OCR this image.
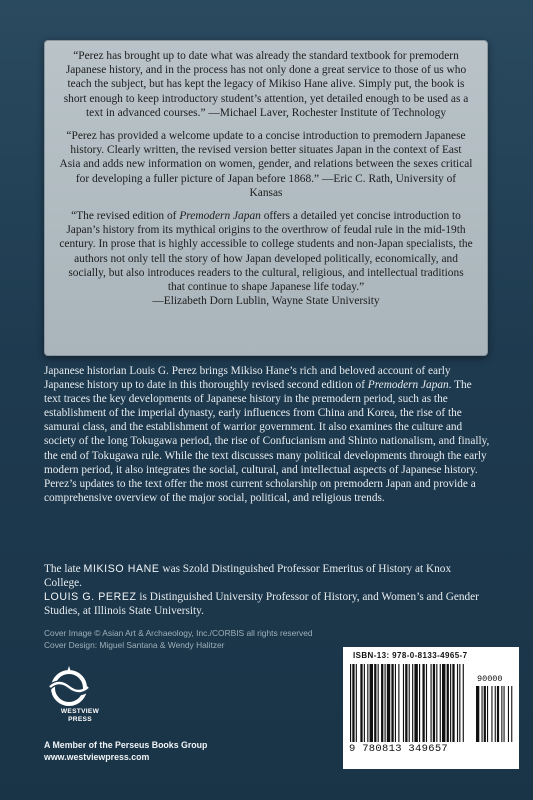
“Perez has brought up to date what was already the standard textbook for premodern Japanese history, and in the process has not only done a great service to those of us who teach the subject, but has kept the legacy of Mikiso Hane alive. Simply put, the book is short enough to keep introductory student’s attention, yet detailed enough to be used as a text in advanced courses.” —Michael Laver, Rochester Institute of Technology

“Perez has provided a welcome update to a concise introduction to premodern Japanese history. Clearly written, the revised version better situates Japan in the context of East Asia and adds new information on women, gender, and relations between the sexes critical for developing a fuller picture of Japan before 1868.” —Eric C. Rath, University of Kansas

“The revised edition of Premodern Japan offers a detailed yet concise introduction to Japan’s history from its mythical origins to the overthrow of feudal rule in the mid-19th century. In prose that is highly accessible to college students and non-Japan specialists, the authors not only tell the story of how Japan developed politically, economically, and socially, but also introduces readers to the cultural, religious, and intellectual traditions that continue to shape Japanese life today.”
—Elizabeth Dorn Lublin, Wayne State University

Japanese historian Louis G. Perez brings Mikiso Hane’s rich and beloved account of early Japanese history up to date in this thoroughly revised second edition of Premodern Japan. The text traces the key developments of Japanese history in the premodern period, such as the establishment of the imperial dynasty, early influences from China and Korea, the rise of the samurai class, and the establishment of warrior government. It also examines the culture and society of the long Tokugawa period, the rise of Confucianism and Shinto nationalism, and finally, the end of Tokugawa rule. While the text discusses many political developments through the early modern period, it also integrates the social, cultural, and intellectual aspects of Japanese history. Perez’s updates to the text offer the most current scholarship on premodern Japan and provide a comprehensive overview of the major social, political, and religious trends.
The late MIKISO HANE was Szold Distinguished Professor Emeritus of History at Knox College.
LOUIS G. PEREZ is Distinguished University Professor of History, and Women’s and Gender Studies, at Illinois State University.
Cover Image © Asian Art & Archaeology, Inc./CORBIS all rights reserved
Cover Design: Miguel Santana & Wendy Halitzer
WESTVIEW
PRESS
A Member of the Perseus Books Group
www.westviewpress.com
ISBN-13: 978-0-8133-4965-7
90000
9 780813 349657
